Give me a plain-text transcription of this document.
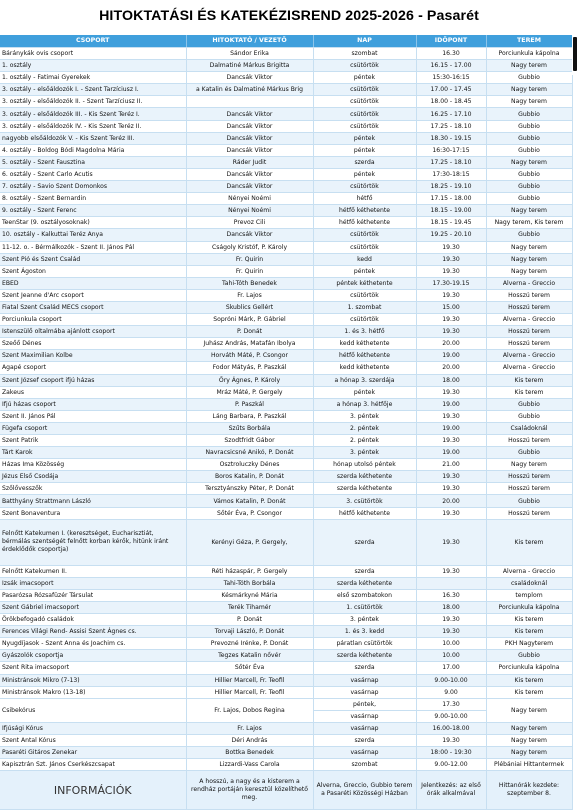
HITOKTATÁSI ÉS KATEKÉZISREND 2025-2026 - Pasarét
CSOPORT	HITOKTATÓ / VEZETŐ	NAP	IDŐPONT	TEREM
Báránykák ovis csoport	Sándor Erika	szombat	16.30	Porciunkula kápolna
1. osztály	Dalmatiné Márkus Brigitta	csütörtök	16.15 - 17.00	Nagy terem
1. osztály - Fatimai Gyerekek	Dancsák Viktor	péntek	15:30-16:15	Gubbio
3. osztály - elsőáldozók I. - Szent Tarzíciusz I.	a Katalin és Dalmatiné Márkus Brig	csütörtök	17.00 - 17.45	Nagy terem
3. osztály - elsőáldozók II. - Szent Tarzíciusz II.		csütörtök	18.00 - 18.45	Nagy terem
3. osztály - elsőáldozók III. - Kis Szent Teréz I.	Dancsák Viktor	csütörtök	16.25 - 17.10	Gubbio
3. osztály - elsőáldozók IV. - Kis Szent Teréz II.	Dancsák Viktor	csütörtök	17.25 - 18.10	Gubbio
nagyobb elsőáldozók V. - Kis Szent Teréz III.	Dancsák Viktor	péntek	18.30 - 19.15	Gubbio
4. osztály - Boldog Bódi Magdolna Mária	Dancsák Viktor	péntek	16:30-17:15	Gubbio
5. osztály - Szent Fausztina	Ráder Judit	szerda	17.25 - 18.10	Nagy terem
6. osztály - Szent Carlo Acutis	Dancsák Viktor	péntek	17:30-18:15	Gubbio
7. osztály - Savio Szent Domonkos	Dancsák Viktor	csütörtök	18.25 - 19.10	Gubbio
8. osztály - Szent Bernardin	Nényei Noémi	hétfő	17.15 - 18.00	Gubbio
9. osztály - Szent Ferenc	Nényei Noémi	hétfő kéthetente	18.15 - 19.00	Nagy terem
TeenStar (9. osztályosoknak)	Prevoz Cili	hétfő kéthetente	18.15 - 19.45	Nagy terem, Kis terem
10. osztály - Kalkuttai Teréz Anya	Dancsák Viktor	csütörtök	19.25 - 20.10	Gubbio
11-12. o. - Bérmálkozók - Szent II. János Pál	Cságoly Kristóf, P. Károly	csütörtök	19.30	Nagy terem
Szent Pió és Szent Család	Fr. Quirin	kedd	19.30	Nagy terem
Szent Ágoston	Fr. Quirin	péntek	19.30	Nagy terem
EBED	Tahi-Tóth Benedek	péntek kéthetente	17.30-19.15	Alverna - Greccio
Szent Jeanne d'Arc csoport	Fr. Lajos	csütörtök	19.30	Hosszú terem
Fiatal Szent Család MECS csoport	Skublics Gellért	1. szombat	15.00	Hosszú terem
Porciunkula csoport	Sopróni Márk, P. Gábriel	csütörtök	19.30	Alverna - Greccio
Istenszülő oltalmába ajánlott csoport	P. Donát	1. és 3. hétfő	19.30	Hosszú terem
Szeőő Dénes	Juhász András, Matafán Ibolya	kedd kéthetente	20.00	Hosszú terem
Szent Maximilian Kolbe	Horváth Máté, P. Csongor	hétfő kéthetente	19.00	Alverna - Greccio
Agapé csoport	Fodor Mátyás, P. Paszkál	kedd kéthetente	20.00	Alverna - Greccio
Szent József csoport ifjú házas	Őry Ágnes, P. Károly	a hónap 3. szerdája	18.00	Kis terem
Zakeus	Mráz Máté, P. Gergely	péntek	19.30	Kis terem
Ifjú házas csoport	P. Paszkál	a hónap 3. hétfője	19.00	Gubbio
Szent II. János Pál	Láng Barbara, P. Paszkál	3. péntek	19.30	Gubbio
Fügefa csoport	Szűts Borbála	2. péntek	19.00	Családoknál
Szent Patrik	Szodtfridt Gábor	2. péntek	19.30	Hosszú terem
Tárt Karok	Navracsicsné Anikó, P. Donát	3. péntek	19.00	Gubbio
Házas Ima Közösség	Osztroluczky Dénes	hónap utolsó péntek	21.00	Nagy terem
Jézus Első Csodája	Boros Katalin, P. Donát	szerda kéthetente	19.30	Hosszú terem
Szőlővesszők	Tersztyánszky Péter, P. Donát	szerda kéthetente	19.30	Hosszú terem
Batthyány Strattmann László	Vámos Katalin, P. Donát	3. csütörtök	20.00	Gubbio
Szent Bonaventura	Sőtér Éva, P. Csongor	hétfő kéthetente	19.30	Hosszú terem
Felnőtt Katekumen I. (keresztséget, Eucharisztiát, bérmálás szentségét felnőtt korban kérők, hitünk iránt érdeklődők csoportja)	Kerényi Géza, P. Gergely,	szerda	19.30	Kis terem
Felnőtt Katekumen II.	Réti házaspár, P. Gergely	szerda	19.30	Alverna - Greccio
Izsák imacsoport	Tahi-Tóth Borbála	szerda kéthetente		családoknál
Pasarózsa Rózsafüzér Társulat	Késmárkyné Mária	első szombatokon	16.30	templom
Szent Gábriel imacsoport	Terék Tihamér	1. csütörtök	18.00	Porciunkula kápolna
Örökbefogadó családok	P. Donát	3. péntek	19.30	Kis terem
Ferences Világi Rend- Assisi Szent Ágnes cs.	Torvaji László, P. Donát	1. és 3. kedd	19.30	Kis terem
Nyugdíjasok - Szent Anna és Joachim cs.	Prevozné Irénke, P. Donát	páratlan csütörtök	10.00	PKH Nagyterem
Gyászolók csoportja	Tegzes Katalin nővér	szerda kéthetente	10.00	Gubbio
Szent Rita imacsoport	Sőtér Éva	szerda	17.00	Porciunkula kápolna
Ministránsok Mikro (7-13)	Hillier Marcell, Fr. Teofil	vasárnap	9.00-10.00	Kis terem
Ministránsok Makro (13-18)	Hillier Marcell, Fr. Teofil	vasárnap	9.00	Kis terem
Csibekórus	Fr. Lajos, Dobos Regina	péntek,	17.30	Nagy terem
		vasárnap	9.00-10.00	
Ifjúsági Kórus	Fr. Lajos	vasárnap	16.00-18.00	Nagy terem
Szent Antal Kórus	Déri András	szerda	19.30	Nagy terem
Pasaréti Gitáros Zenekar	Bottka Benedek	vasárnap	18:00 - 19:30	Nagy terem
Kapisztrán Szt. János Cserkészcsapat	Lizzardi-Vass Carola	szombat	9.00-12.00	Plébániai Hittantermek
INFORMÁCIÓK	A hosszú, a nagy és a kisterem a rendház portáján keresztül közelíthető meg.	Alverna, Greccio, Gubbio terem a Pasaréti Közösségi Házban	Jelentkezés: az első órák alkalmával	Hittanórák kezdete: szeptember 8.
